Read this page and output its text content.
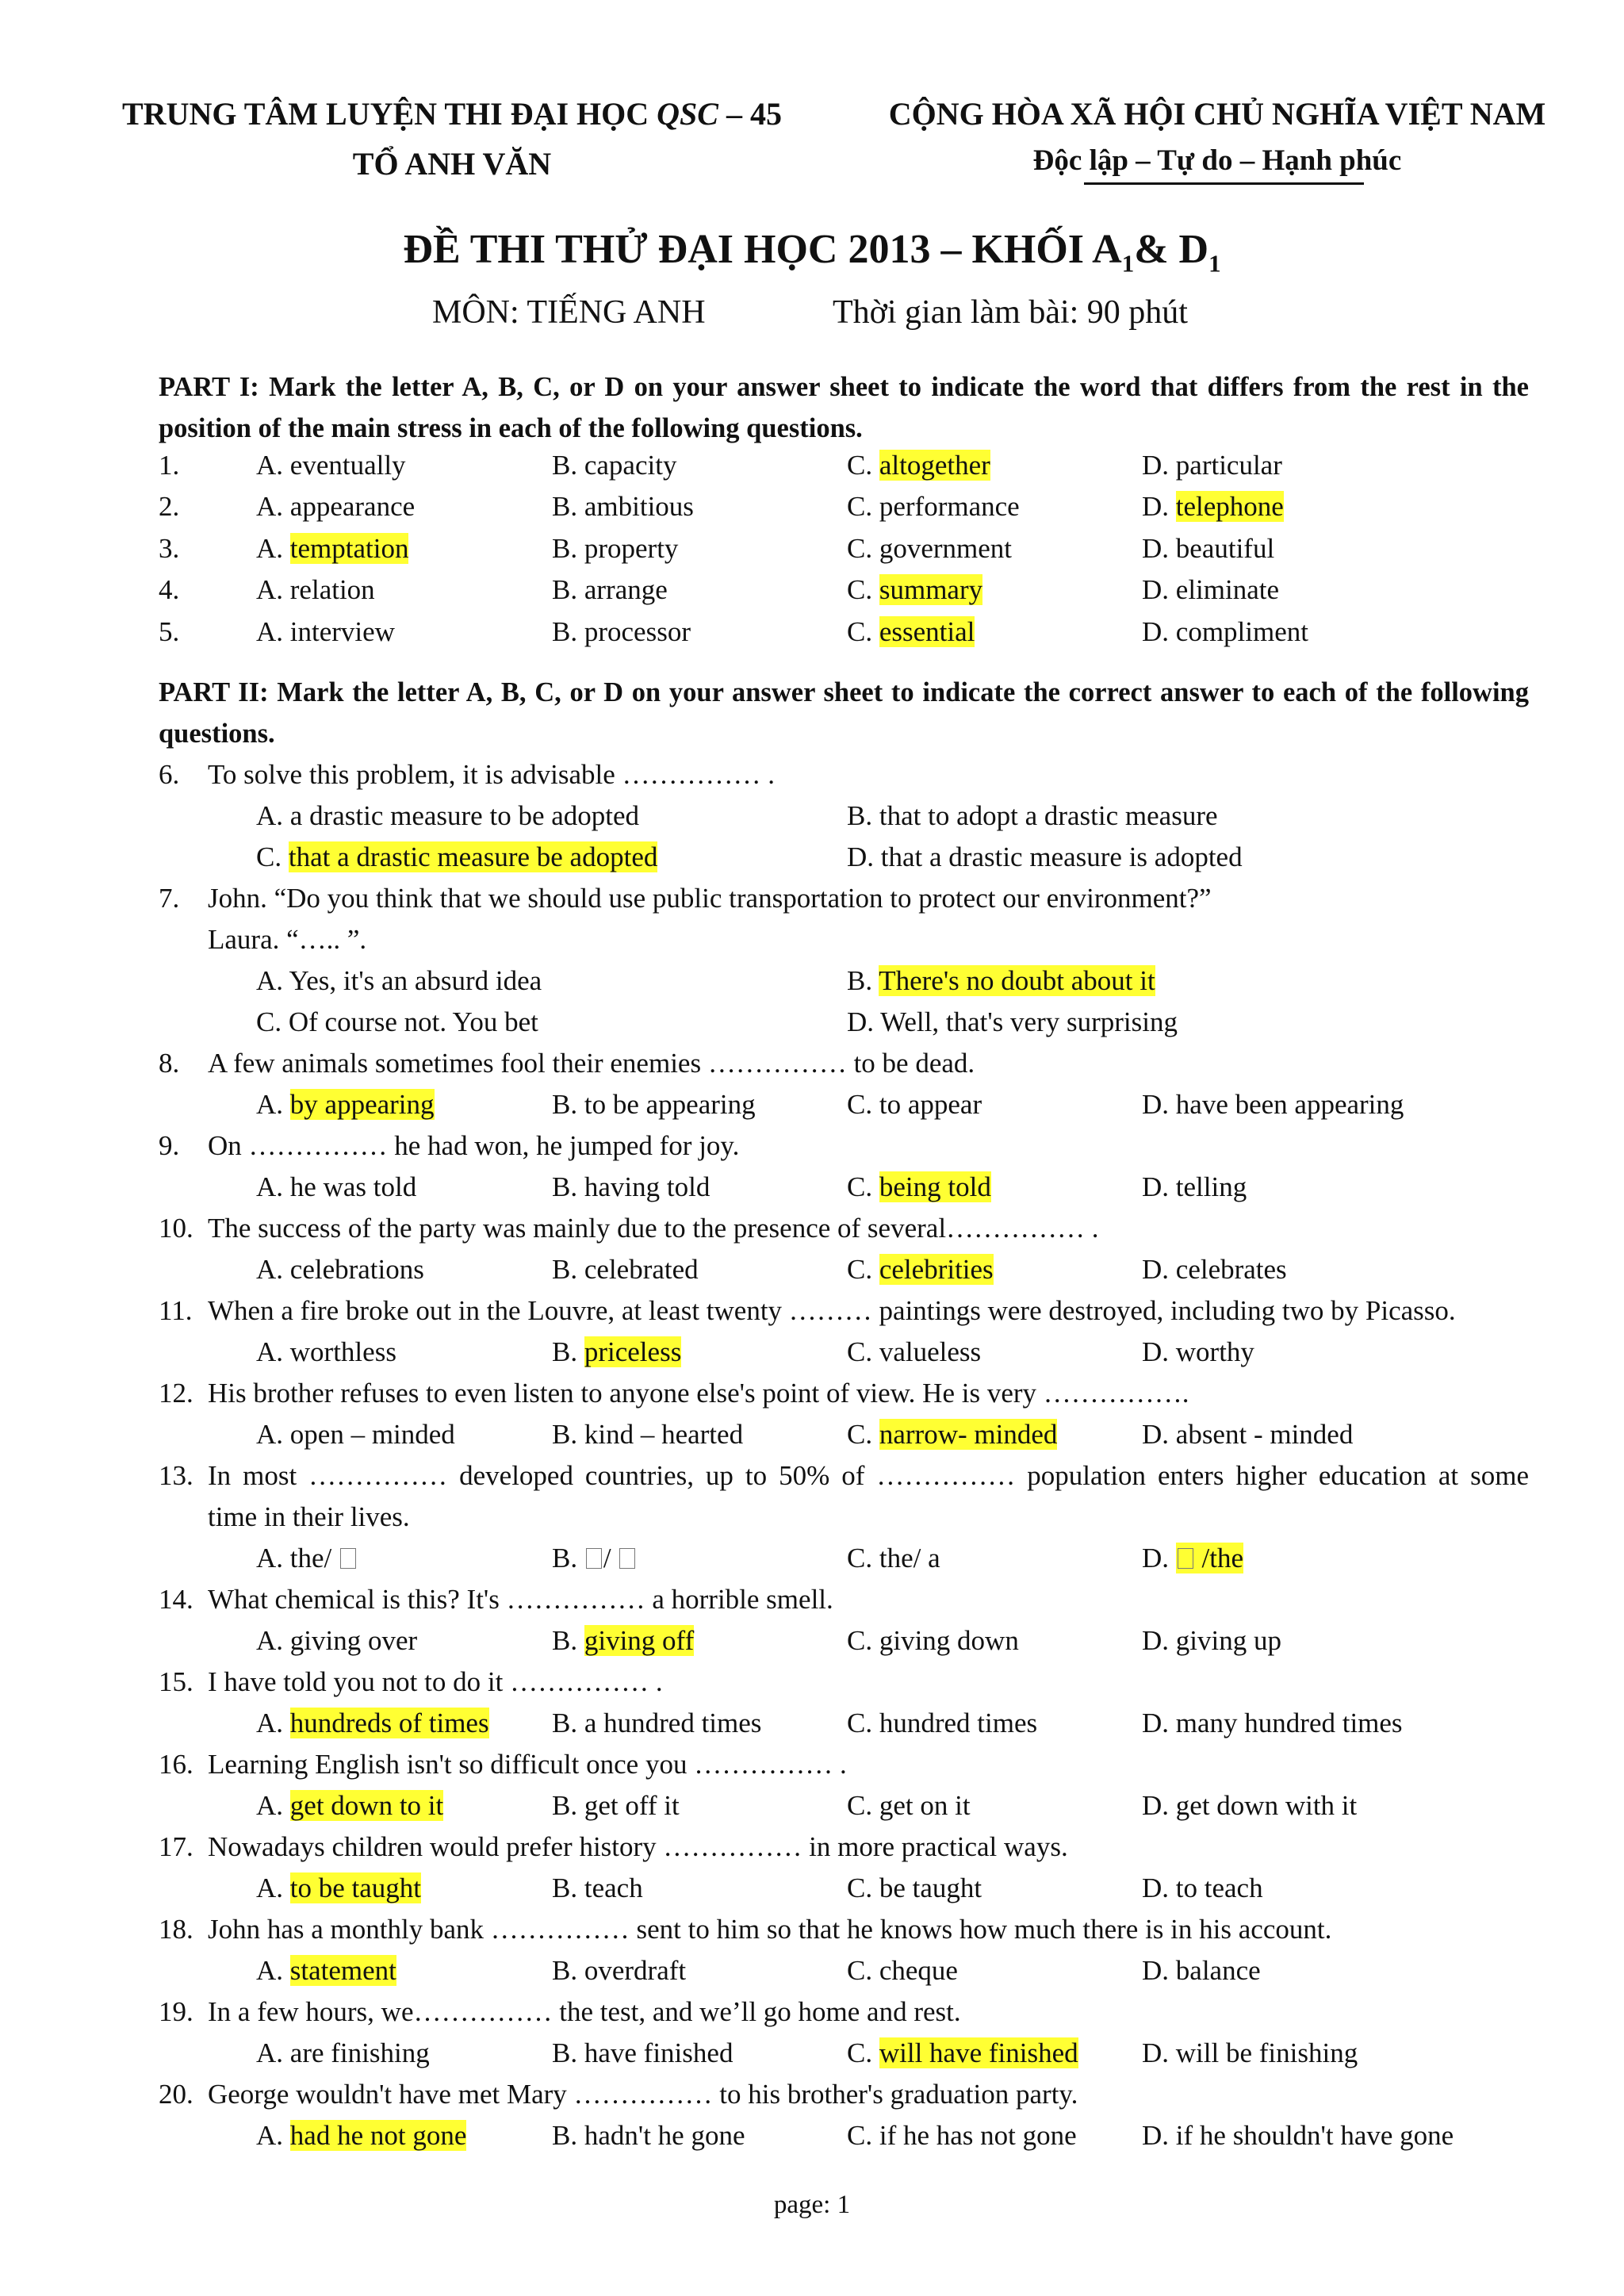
TRUNG TÂM LUYỆN THI ĐẠI HỌC QSC – 45
TỔ ANH VĂN
CỘNG HÒA XÃ HỘI CHỦ NGHĨA VIỆT NAM
Độc lập – Tự do – Hạnh phúc
ĐỀ THI THỬ ĐẠI HỌC 2013 – KHỐI $A_1\&$ $D_1$
MÔN: TIẾNG ANH	Thời gian làm bài: 90 phút
PART I: Mark the letter A, B, C, or D on your answer sheet to indicate the word that differs from the rest in the position of the main stress in each of the following questions.
1.	A. eventually	B. capacity	C. altogether	D. particular
2.	A. appearance	B. ambitious	C. performance	D. telephone
3.	A. temptation	B. property	C. government	D. beautiful
4.	A. relation	B. arrange	C. summary	D. eliminate
5.	A. interview	B. processor	C. essential	D. compliment
PART II: Mark the letter A, B, C, or D on your answer sheet to indicate the correct answer to each of the following questions.
6. To solve this problem, it is advisable …………… .
A. a drastic measure to be adopted	B. that to adopt a drastic measure
C. that a drastic measure be adopted	D. that a drastic measure is adopted
7. John. “Do you think that we should use public transportation to protect our environment?”
Laura. “….. ”.
A. Yes, it's an absurd idea	B. There's no doubt about it
C. Of course not. You bet	D. Well, that's very surprising
8. A few animals sometimes fool their enemies …………… to be dead.
A. by appearing	B. to be appearing	C. to appear	D. have been appearing
9. On …………… he had won, he jumped for joy.
A. he was told	B. having told	C. being told	D. telling
10. The success of the party was mainly due to the presence of several…………… .
A. celebrations	B. celebrated	C. celebrities	D. celebrates
11. When a fire broke out in the Louvre, at least twenty ……… paintings were destroyed, including two by Picasso.
A. worthless	B. priceless	C. valueless	D. worthy
12. His brother refuses to even listen to anyone else's point of view. He is very …………….
A. open – minded	B. kind – hearted	C. narrow- minded	D. absent - minded
13. In most …………… developed countries, up to 50% of …………… population enters higher education at some
time in their lives.
A. the/	B. /	C. the/ a	D.  /the
14. What chemical is this? It's …………… a horrible smell.
A. giving over	B. giving off	C. giving down	D. giving up
15. I have told you not to do it …………… .
A. hundreds of times B. a hundred times	C. hundred times	D. many hundred times
16. Learning English isn't so difficult once you …………… .
A. get down to it	B. get off it	C. get on it	D. get down with it
17. Nowadays children would prefer history …………… in more practical ways.
A. to be taught	B. teach	C. be taught	D. to teach
18. John has a monthly bank …………… sent to him so that he knows how much there is in his account.
A. statement	B. overdraft	C. cheque	D. balance
19. In a few hours, we…………… the test, and we’ll go home and rest.
A. are finishing	B. have finished	C. will have finished D. will be finishing
20. George wouldn't have met Mary …………… to his brother's graduation party.
A. had he not gone	B. hadn't he gone	C. if he has not gone D. if he shouldn't have gone
page: 1
